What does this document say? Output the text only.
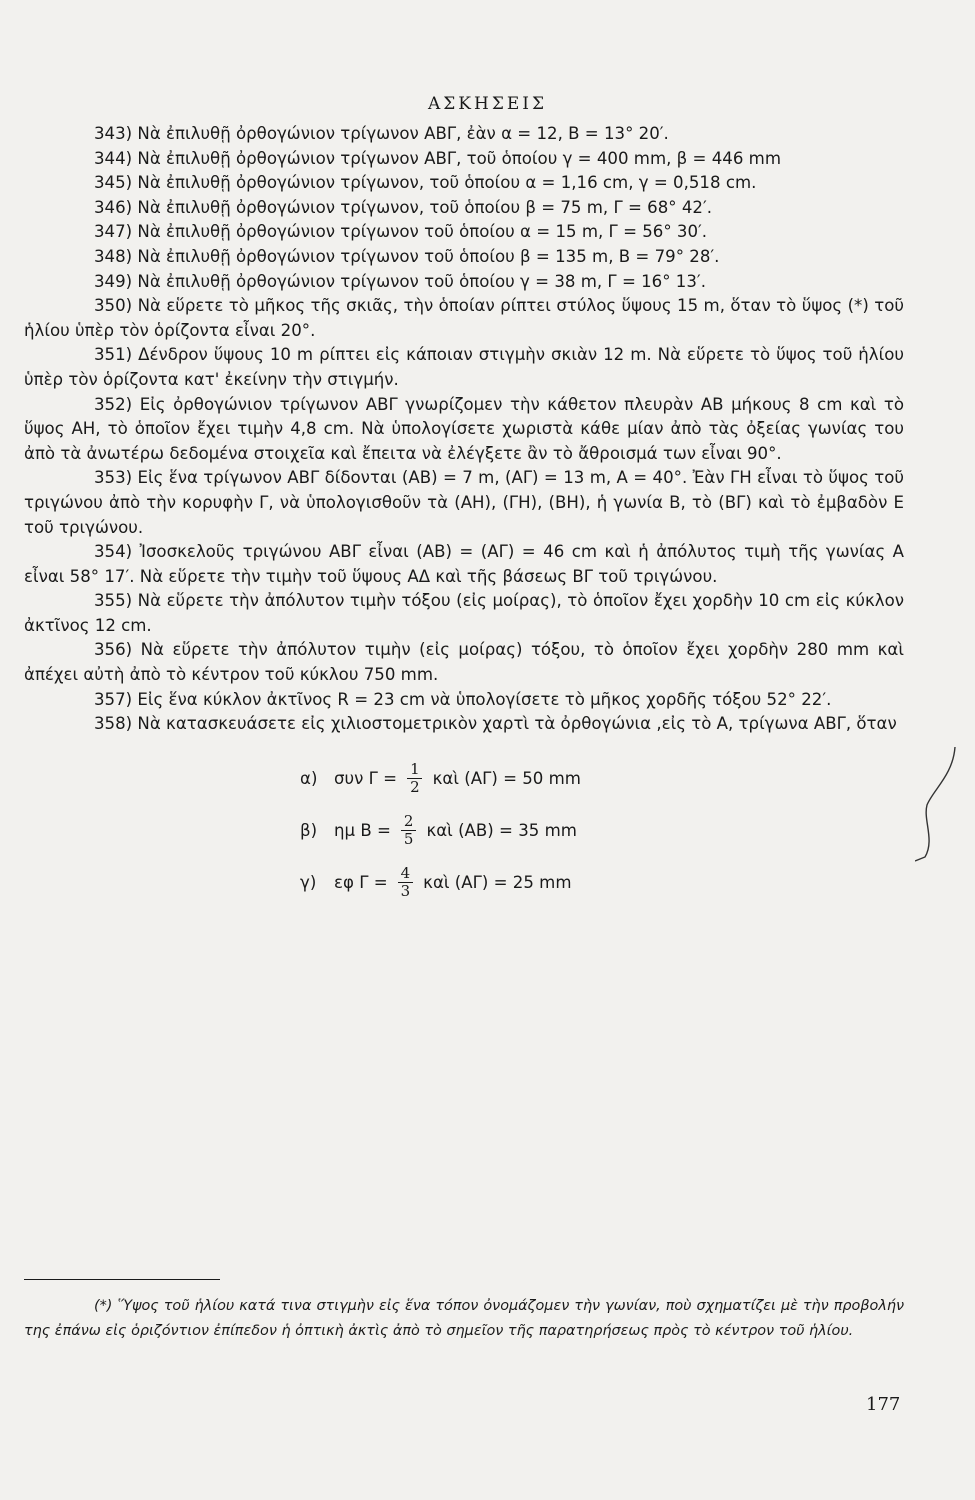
ΑΣΚΗΣΕΙΣ

343) Νὰ ἐπιλυθῇ ὀρθογώνιον τρίγωνον ΑΒΓ, ἐὰν α = 12, Β = 13° 20′.

344) Νὰ ἐπιλυθῇ ὀρθογώνιον τρίγωνον ΑΒΓ, τοῦ ὁποίου γ = 400 mm, β = 446 mm

345) Νὰ ἐπιλυθῇ ὀρθογώνιον τρίγωνον, τοῦ ὁποίου α = 1,16 cm, γ = 0,518 cm.

346) Νὰ ἐπιλυθῇ ὀρθογώνιον τρίγωνον, τοῦ ὁποίου β = 75 m, Γ = 68° 42′.

347) Νὰ ἐπιλυθῇ ὀρθογώνιον τρίγωνον τοῦ ὁποίου α = 15 m, Γ = 56° 30′.

348) Νὰ ἐπιλυθῇ ὀρθογώνιον τρίγωνον τοῦ ὁποίου β = 135 m, Β = 79° 28′.

349) Νὰ ἐπιλυθῇ ὀρθογώνιον τρίγωνον τοῦ ὁποίου γ = 38 m, Γ = 16° 13′.

350) Νὰ εὕρετε τὸ μῆκος τῆς σκιᾶς, τὴν ὁποίαν ρίπτει στύλος ὕψους 15 m, ὅταν τὸ ὕψος (*) τοῦ ἡλίου ὑπὲρ τὸν ὁρίζοντα εἶναι 20°.

351) Δένδρον ὕψους 10 m ρίπτει εἰς κάποιαν στιγμὴν σκιὰν 12 m. Νὰ εὕρετε τὸ ὕψος τοῦ ἡλίου ὑπὲρ τὸν ὁρίζοντα κατ' ἐκείνην τὴν στιγμήν.

352) Εἰς ὀρθογώνιον τρίγωνον ΑΒΓ γνωρίζομεν τὴν κάθετον πλευρὰν ΑΒ μήκους 8 cm καὶ τὸ ὕψος ΑΗ, τὸ ὁποῖον ἔχει τιμὴν 4,8 cm. Νὰ ὑπολογίσετε χωριστὰ κάθε μίαν ἀπὸ τὰς ὀξείας γωνίας του ἀπὸ τὰ ἀνωτέρω δεδομένα στοιχεῖα καὶ ἔπειτα νὰ ἐλέγξετε ἂν τὸ ἄθροισμά των εἶναι 90°.

353) Εἰς ἕνα τρίγωνον ΑΒΓ δίδονται (ΑΒ) = 7 m, (ΑΓ) = 13 m, Α = 40°. Ἐὰν ΓΗ εἶναι τὸ ὕψος τοῦ τριγώνου ἀπὸ τὴν κορυφὴν Γ, νὰ ὑπολογισθοῦν τὰ (ΑΗ), (ΓΗ), (ΒΗ), ἡ γωνία Β, τὸ (ΒΓ) καὶ τὸ ἐμβαδὸν Ε τοῦ τριγώνου.

354) Ἰσοσκελοῦς τριγώνου ΑΒΓ εἶναι (ΑΒ) = (ΑΓ) = 46 cm καὶ ἡ ἀπόλυτος τιμὴ τῆς γωνίας Α εἶναι 58° 17′. Νὰ εὕρετε τὴν τιμὴν τοῦ ὕψους ΑΔ καὶ τῆς βάσεως ΒΓ τοῦ τριγώνου.

355) Νὰ εὕρετε τὴν ἀπόλυτον τιμὴν τόξου (εἰς μοίρας), τὸ ὁποῖον ἔχει χορδὴν 10 cm εἰς κύκλον ἀκτῖνος 12 cm.

356) Νὰ εὕρετε τὴν ἀπόλυτον τιμὴν (εἰς μοίρας) τόξου, τὸ ὁποῖον ἔχει χορδὴν 280 mm καὶ ἀπέχει αὐτὴ ἀπὸ τὸ κέντρον τοῦ κύκλου 750 mm.

357) Εἰς ἕνα κύκλον ἀκτῖνος R = 23 cm νὰ ὑπολογίσετε τὸ μῆκος χορδῆς τόξου 52° 22′.

358) Νὰ κατασκευάσετε εἰς χιλιοστομετρικὸν χαρτὶ τὰ ὀρθογώνια ,εἰς τὸ Α, τρίγωνα ΑΒΓ, ὅταν

α) συν $\Gamma = \frac{1}{2}$ καὶ (ΑΓ) = 50 mm
β)	ημ $B = \frac{2}{5}$ καὶ (ΑΒ) = 35 mm
γ)	εφ $\Gamma = \frac{4}{3}$ καὶ (ΑΓ) = 25 mm

(*) Ὕψος τοῦ ἡλίου κατά τινα στιγμὴν εἰς ἕνα τόπον ὀνομάζομεν τὴν γωνίαν, ποὺ σχηματίζει μὲ τὴν προβολήν της ἐπάνω εἰς ὁριζόντιον ἐπίπεδον ἡ ὀπτικὴ ἀκτὶς ἀπὸ τὸ σημεῖον τῆς παρατηρήσεως πρὸς τὸ κέντρον τοῦ ἡλίου.

177
